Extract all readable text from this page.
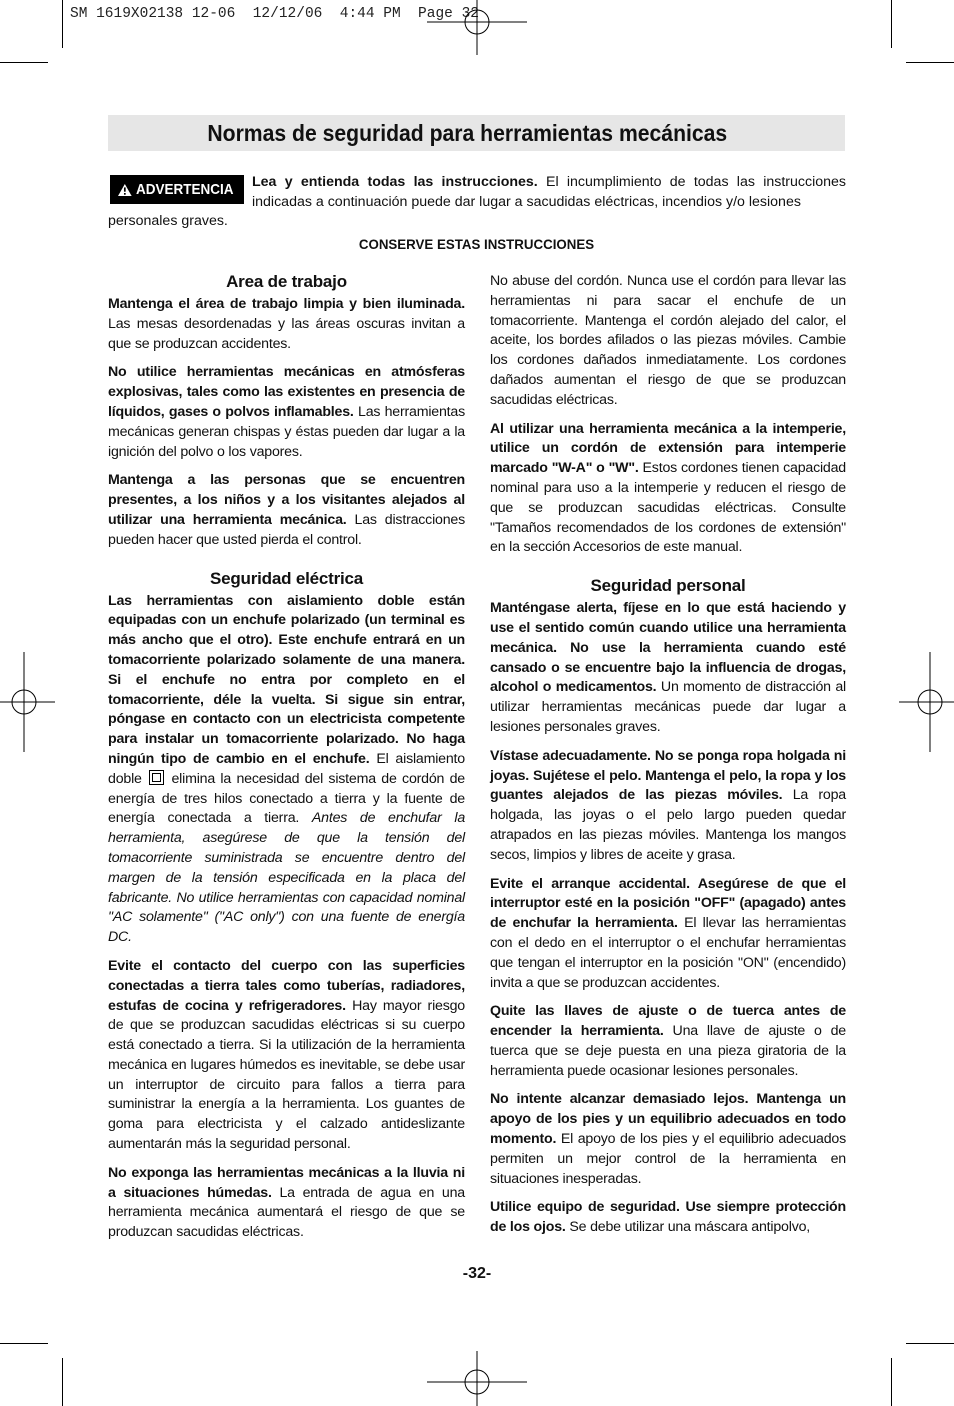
SM 1619X02138 12-06  12/12/06  4:44 PM  Page 32
Normas de seguridad para herramientas mecánicas
ADVERTENCIA Lea y entienda todas las instrucciones. El incumplimiento de todas las instrucciones indicadas a continuación puede dar lugar a sacudidas eléctricas, incendios y/o lesiones
personales graves.
CONSERVE ESTAS INSTRUCCIONES
Area de trabajo

Mantenga el área de trabajo limpia y bien iluminada. Las mesas desordenadas y las áreas oscuras invitan a que se produzcan accidentes.

No utilice herramientas mecánicas en atmósferas explosivas, tales como las existentes en presencia de líquidos, gases o polvos inflamables. Las herramientas mecánicas generan chispas y éstas pueden dar lugar a la ignición del polvo o los vapores.

Mantenga a las personas que se encuentren presentes, a los niños y a los visitantes alejados al utilizar una herramienta mecánica. Las distracciones pueden hacer que usted pierda el control.

Seguridad eléctrica

Las herramientas con aislamiento doble están equipadas con un enchufe polarizado (un terminal es más ancho que el otro). Este enchufe entrará en un tomacorriente polarizado solamente de una manera. Si el enchufe no entra por completo en el tomacorriente, déle la vuelta. Si sigue sin entrar, póngase en contacto con un electricista competente para instalar un tomacorriente polarizado. No haga ningún tipo de cambio en el enchufe. El aislamiento doble  elimina la necesidad del sistema de cordón de energía de tres hilos conectado a tierra y la fuente de energía conectada a tierra. Antes de enchufar la herramienta, asegúrese de que la tensión del tomacorriente suministrada se encuentre dentro del margen de la tensión especificada en la placa del fabricante. No utilice herramientas con capacidad nominal "AC solamente" ("AC only") con una fuente de energía DC.

Evite el contacto del cuerpo con las superficies conectadas a tierra tales como tuberías, radiadores, estufas de cocina y refrigeradores. Hay mayor riesgo de que se produzcan sacudidas eléctricas si su cuerpo está conectado a tierra. Si la utilización de la herramienta mecánica en lugares húmedos es inevitable, se debe usar un interruptor de circuito para fallos a tierra para suministrar la energía a la herramienta. Los guantes de goma para electricista y el calzado antideslizante aumentarán más la seguridad personal.

No exponga las herramientas mecánicas a la lluvia ni a situaciones húmedas. La entrada de agua en una herramienta mecánica aumentará el riesgo de que se produzcan sacudidas eléctricas.

No abuse del cordón. Nunca use el cordón para llevar las herramientas ni para sacar el enchufe de un tomacorriente. Mantenga el cordón alejado del calor, el aceite, los bordes afilados o las piezas móviles. Cambie los cordones dañados inmediatamente. Los cordones dañados aumentan el riesgo de que se produzcan sacudidas eléctricas.

Al utilizar una herramienta mecánica a la intemperie, utilice un cordón de extensión para intemperie marcado "W-A" o "W". Estos cordones tienen capacidad nominal para uso a la intemperie y reducen el riesgo de que se produzcan sacudidas eléctricas. Consulte "Tamaños recomendados de los cordones de extensión" en la sección Accesorios de este manual.

Seguridad personal

Manténgase alerta, fíjese en lo que está haciendo y use el sentido común cuando utilice una herramienta mecánica. No use la herramienta cuando esté cansado o se encuentre bajo la influencia de drogas, alcohol o medicamentos. Un momento de distracción al utilizar herramientas mecánicas puede dar lugar a lesiones personales graves.

Vístase adecuadamente. No se ponga ropa holgada ni joyas. Sujétese el pelo. Mantenga el pelo, la ropa y los guantes alejados de las piezas móviles. La ropa holgada, las joyas o el pelo largo pueden quedar atrapados en las piezas móviles. Mantenga los mangos secos, limpios y libres de aceite y grasa.

Evite el arranque accidental. Asegúrese de que el interruptor esté en la posición "OFF" (apagado) antes de enchufar la herramienta. El llevar las herramientas con el dedo en el interruptor o el enchufar herramientas que tengan el interruptor en la posición "ON" (encendido) invita a que se produzcan accidentes.

Quite las llaves de ajuste o de tuerca antes de encender la herramienta. Una llave de ajuste o de tuerca que se deje puesta en una pieza giratoria de la herramienta puede ocasionar lesiones personales.

No intente alcanzar demasiado lejos. Mantenga un apoyo de los pies y un equilibrio adecuados en todo momento. El apoyo de los pies y el equilibrio adecuados permiten un mejor control de la herramienta en situaciones inesperadas.

Utilice equipo de seguridad. Use siempre protección de los ojos. Se debe utilizar una máscara antipolvo,

-32-
